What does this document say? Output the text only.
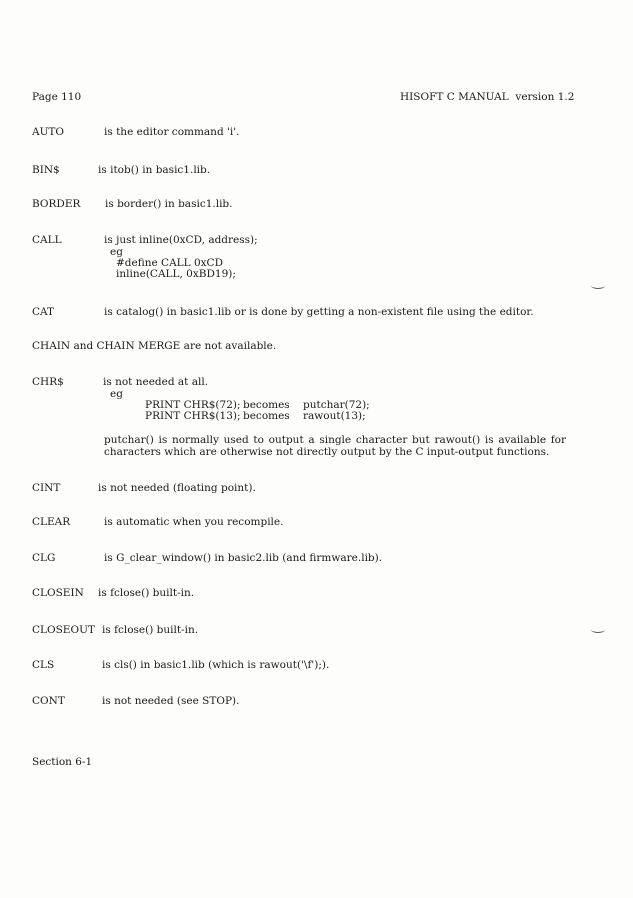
Page 110	HISOFT C MANUAL  version 1.2
AUTO	is the editor command 'i'.
BIN$	is itob() in basic1.lib.
BORDER is border() in basic1.lib.
CALL	is just inline(0xCD, address);
eg
#define CALL 0xCD
inline(CALL, 0xBD19);
CAT	is catalog() in basic1.lib or is done by getting a non-existent file using the editor.
CHAIN and CHAIN MERGE are not available.
CHR$	is not needed at all.
eg
PRINT CHR$(72); becomes putchar(72);
PRINT CHR$(13); becomes rawout(13);
putchar() is normally used to output a single character but rawout() is available for characters which are otherwise not directly output by the C input-output functions.
CINT	is not needed (floating point).
CLEAR	is automatic when you recompile.
CLG	is G_clear_window() in basic2.lib (and firmware.lib).
CLOSEIN is fclose() built-in.
CLOSEOUT is fclose() built-in.
CLS	is cls() in basic1.lib (which is rawout('\f');).
CONT	is not needed (see STOP).
Section 6-1
